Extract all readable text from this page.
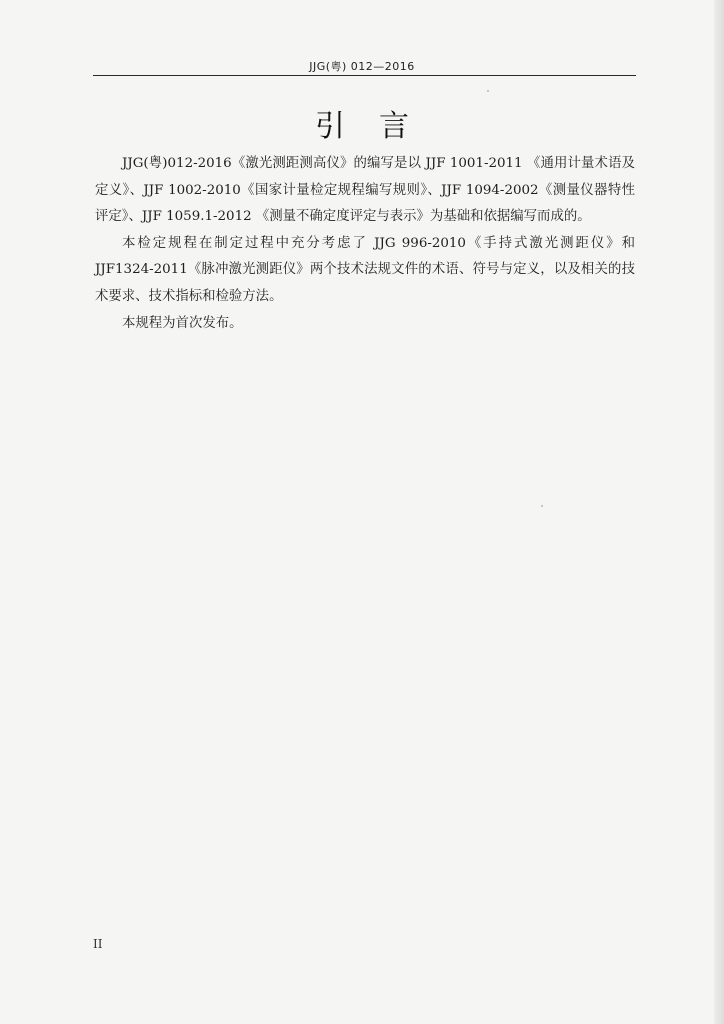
JJG(粤) 012—2016
引言

JJG(粤)012-2016《激光测距测高仪》的编写是以 JJF 1001-2011 《通用计量术语及定义》、JJF 1002-2010《国家计量检定规程编写规则》、JJF 1094-2002《测量仪器特性评定》、JJF 1059.1-2012 《测量不确定度评定与表示》为基础和依据编写而成的。

本检定规程在制定过程中充分考虑了 JJG 996-2010《手持式激光测距仪》和 JJF1324-2011《脉冲激光测距仪》两个技术法规文件的术语、符号与定义，以及相关的技术要求、技术指标和检验方法。

本规程为首次发布。

II
